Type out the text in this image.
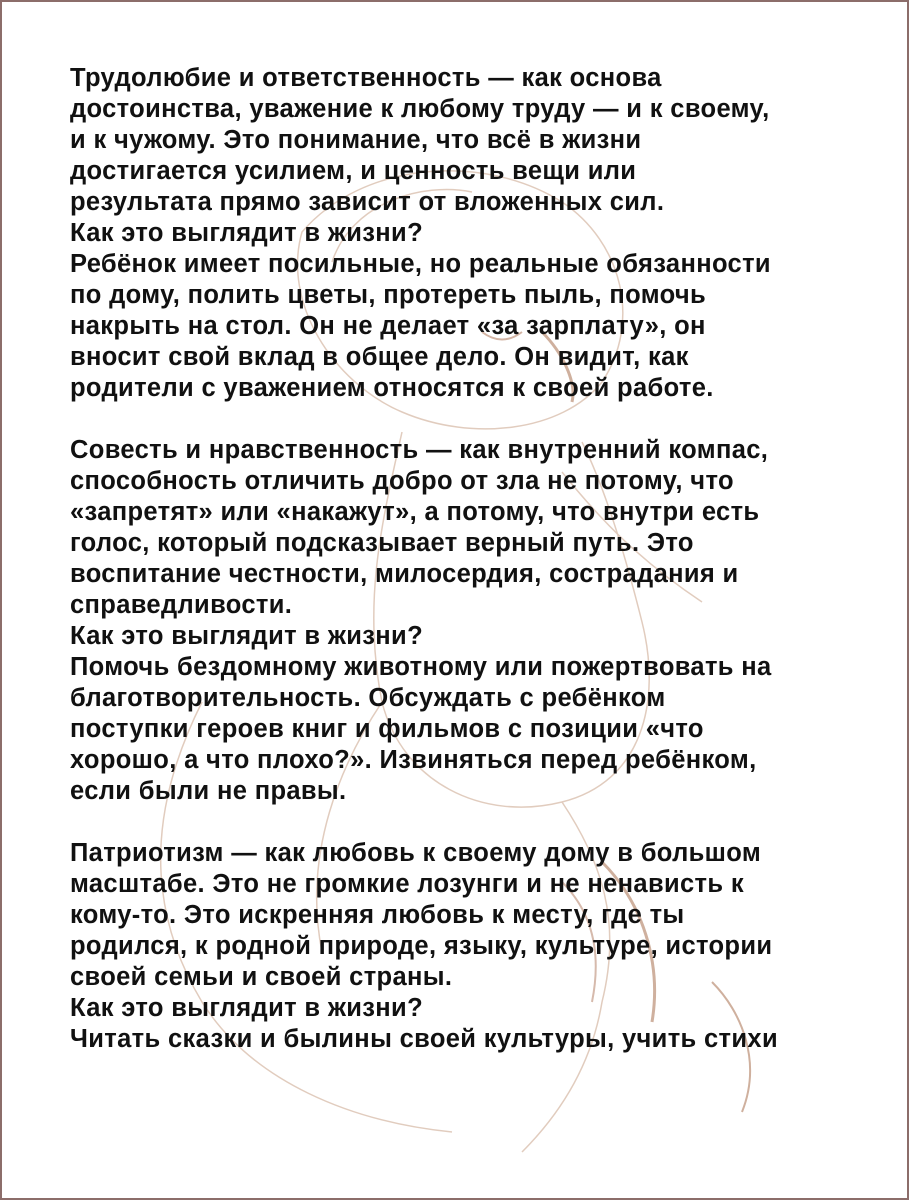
Трудолюбие и ответственность — как основа
достоинства, уважение к любому труду — и к своему,
и к чужому. Это понимание, что всё в жизни
достигается усилием, и ценность вещи или
результата прямо зависит от вложенных сил.
Как это выглядит в жизни?
Ребёнок имеет посильные, но реальные обязанности
по дому, полить цветы, протереть пыль, помочь
накрыть на стол. Он не делает «за зарплату», он
вносит свой вклад в общее дело. Он видит, как
родители с уважением относятся к своей работе.
Совесть и нравственность — как внутренний компас,
способность отличить добро от зла не потому, что
«запретят» или «накажут», а потому, что внутри есть
голос, который подсказывает верный путь. Это
воспитание честности, милосердия, сострадания и
справедливости.
Как это выглядит в жизни?
Помочь бездомному животному или пожертвовать на
благотворительность. Обсуждать с ребёнком
поступки героев книг и фильмов с позиции «что
хорошо, а что плохо?». Извиняться перед ребёнком,
если были не правы.
Патриотизм — как любовь к своему дому в большом
масштабе. Это не громкие лозунги и не ненависть к
кому-то. Это искренняя любовь к месту, где ты
родился, к родной природе, языку, культуре, истории
своей семьи и своей страны.
Как это выглядит в жизни?
Читать сказки и былины своей культуры, учить стихи
